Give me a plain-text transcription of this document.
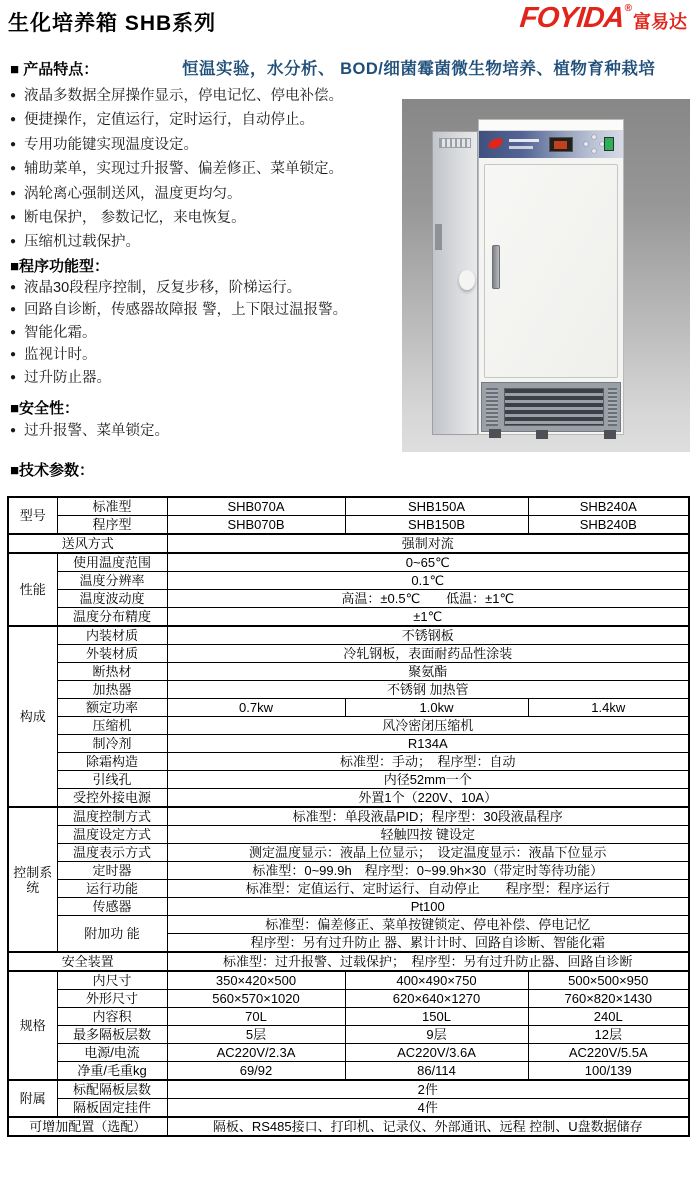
生化培养箱 SHB系列	FOYIDA ®
富易达
■ 产品特点：	恒温实验，水分析、 BOD/细菌霉菌微生物培养、植物育种栽培
● 液晶多数据全屏操作显示，停电记忆、停电补偿。
● 便捷操作，定值运行，定时运行，自动停止。
● 专用功能键实现温度设定。
● 辅助菜单，实现过升报警、偏差修正、菜单锁定。
● 涡轮离心强制送风，温度更均匀。
● 断电保护， 参数记忆，来电恢复。
● 压缩机过载保护。
■程序功能型：
● 液晶30段程序控制，反复步移，阶梯运行。
● 回路自诊断，传感器故障报 警，上下限过温报警。
● 智能化霜。
● 监视计时。
● 过升防止器。
■安全性：
● 过升报警、菜单锁定。
■技术参数：
型号	标准型	SHB070A	SHB150A	SHB240A
	程序型	SHB070B	SHB150B	SHB240B
送风方式		强制对流		
性能	使用温度范围	0~65℃		
	温度分辨率	0.1℃		
	温度波动度	高温：±0.5℃　　低温：±1℃		
	温度分布精度	±1℃		
构成	内装材质	不锈钢板		
	外装材质	冷轧钢板，表面耐药品性涂装		
	断热材	聚氨酯		
	加热器	不锈钢 加热管		
	额定功率	0.7kw	1.0kw	1.4kw
	压缩机	风冷密闭压缩机		
	制冷剂	R134A		
	除霜构造	标准型：手动；　程序型：自动		
	引线孔	内径52mm一个		
	受控外接电源	外置1个（220V、10A）		
控制系统	温度控制方式	标准型：单段液晶PID；程序型：30段液晶程序		
	温度设定方式	轻触四按 键设定		
	温度表示方式	测定温度显示：液晶上位显示；　设定温度显示：液晶下位显示		
	定时器	标准型：0~99.9h　程序型：0~99.9h×30（带定时等待功能）		
	运行功能	标准型：定值运行、定时运行、自动停止　　程序型：程序运行		
	传感器	Pt100		
	附加功 能	标准型：偏差修正、菜单按键锁定、停电补偿、停电记忆		
		程序型：另有过升防止 器、累计计时、回路自诊断、智能化霜		
安全装置		标准型：过升报警、过载保护；　程序型：另有过升防止器、回路自诊断		
规格	内尺寸	350×420×500	400×490×750	500×500×950
	外形尺寸	560×570×1020	620×640×1270	760×820×1430
	内容积	70L	150L	240L
	最多隔板层数	5层	9层	12层
	电源/电流	AC220V/2.3A	AC220V/3.6A	AC220V/5.5A
	净重/毛重kg	69/92	86/114	100/139
附属	标配隔板层数	2件		
	隔板固定挂件	4件		
可增加配置（选配）		隔板、RS485接口、打印机、记录仪、外部通讯、远程 控制、U盘数据储存		
